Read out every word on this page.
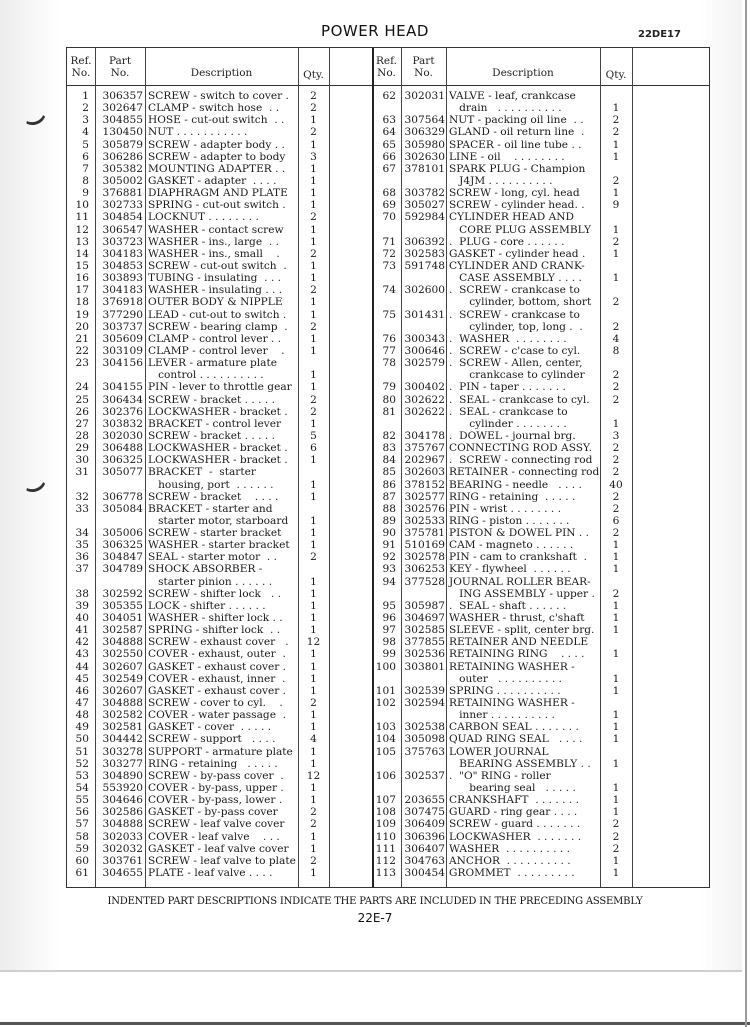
POWER HEAD	22DE17
Ref.
No.
Part
No.	Description	Qty.
Ref.
No.
Part
No.	Description	Qty.
1	306357 SCREW - switch to cover .	2
2	302647 CLAMP - switch hose  . .	2
3	304855 HOSE - cut-out switch  . .	1
4	130450 NUT . . . . . . . . . . .	2
5	305879 SCREW - adapter body . .	1
6	306286 SCREW - adapter to body	3
7	305382 MOUNTING ADAPTER . .	1
8	305002 GASKET - adapter  . . . .	1
9	376881 DIAPHRAGM AND PLATE	1
10	302733 SPRING - cut-out switch .	1
11	304854 LOCKNUT . . . . . . . .	2
12	306547 WASHER - contact screw	1
13	303723 WASHER - ins., large  . .	1
14	304183 WASHER - ins., small    .	2
15	304853 SCREW - cut-out switch  .	1
16	303893 TUBING - insulating  . . .	1
17	304183 WASHER - insulating . . .	2
18	376918 OUTER BODY & NIPPLE	1
19	377290 LEAD - cut-out to switch .	1
20	303737 SCREW - bearing clamp  .	2
21	305609 CLAMP - control lever . .	1
22	303109 CLAMP - control lever    .	1
23	304156 LEVER - armature plate
control . . . . . . . . . .	1
24	304155 PIN - lever to throttle gear	1
25	306434 SCREW - bracket . . . . .	2
26	302376 LOCKWASHER - bracket .	2
27	303832 BRACKET - control lever	1
28	302030 SCREW - bracket . . . . .	5
29	306488 LOCKWASHER - bracket .	6
30	306325 LOCKWASHER - bracket .	1
31	305077 BRACKET  -  starter
housing, port  . . . . . .	1
32	306778 SCREW - bracket    . . . .	1
33	305084 BRACKET - starter and
starter motor, starboard	1
34	305006 SCREW - starter bracket	1
35	306325 WASHER - starter bracket	1
36	304847 SEAL - starter motor  . .	2
37	304789 SHOCK ABSORBER -
starter pinion . . . . . .	1
38	302592 SCREW - shifter lock   . .	1
39	305355 LOCK - shifter . . . . . .	1
40	304051 WASHER - shifter lock . .	1
41	302587 SPRING - shifter lock  . .	1
42	304888 SCREW - exhaust cover   .	12
43	302550 COVER - exhaust, outer  .	1
44	302607 GASKET - exhaust cover .	1
45	302549 COVER - exhaust, inner  .	1
46	302607 GASKET - exhaust cover .	1
47	304888 SCREW - cover to cyl.    .	2
48	302582 COVER - water passage  .	1
49	302581 GASKET - cover  . . . . .	1
50	304442 SCREW - support   . . . .	4
51	303278 SUPPORT - armature plate	1
52	303277 RING - retaining   . . . . .	1
53	304890 SCREW - by-pass cover  .	12
54	553920 COVER - by-pass, upper .	1
55	304646 COVER - by-pass, lower .	1
56	302586 GASKET - by-pass cover	2
57	304888 SCREW - leaf valve cover	2
58	302033 COVER - leaf valve    . . .	1
59	302032 GASKET - leaf valve cover	1
60	303761 SCREW - leaf valve to plate	2
61	304655 PLATE - leaf valve . . . .	1
62 302031 VALVE - leaf, crankcase
drain   . . . . . . . . . .	1
63 307564 NUT - packing oil line  . .	2
64 306329 GLAND - oil return line  .	2
65 305980 SPACER - oil line tube . .	1
66 302630 LINE - oil    . . . . . . . .	1
67 378101 SPARK PLUG - Champion
J4JM . . . . . . . . . .	2
68 303782 SCREW - long, cyl. head	1
69 305027 SCREW - cylinder head. .	9
70 592984 CYLINDER HEAD AND
CORE PLUG ASSEMBLY	1
71 306392 .  PLUG - core . . . . . .	2
72 302583 GASKET - cylinder head .	1
73 591748 CYLINDER AND CRANK-
CASE ASSEMBLY . . . .	1
74 302600 .  SCREW - crankcase to
cylinder, bottom, short	2
75 301431 .  SCREW - crankcase to
cylinder, top, long .  .	2
76 300343 .  WASHER  . . . . . . . .	4
77 300646 .  SCREW - c'case to cyl.	8
78 302579 .  SCREW - Allen, center,
crankcase to cylinder	2
79 300402 .  PIN - taper . . . . . . .	2
80 302622 .  SEAL - crankcase to cyl.	2
81 302622 .  SEAL - crankcase to
cylinder . . . . . . . .	1
82 304178 .  DOWEL - journal brg.	3
83 375767 CONNECTING ROD ASSY.	2
84 202967 .  SCREW - connecting rod	2
85 302603 RETAINER - connecting rod	2
86 378152 BEARING - needle   . . . .	40
87 302577 RING - retaining  . . . . .	2
88 302576 PIN - wrist . . . . . . . .	2
89 302533 RING - piston . . . . . . .	6
90 375781 PISTON & DOWEL PIN . .	2
91 510169 CAM - magneto . . . . . .	1
92 302578 PIN - cam to crankshaft  .	1
93 306253 KEY - flywheel  . . . . . .	1
94 377528 JOURNAL ROLLER BEAR-
ING ASSEMBLY - upper .	2
95 305987 .  SEAL - shaft . . . . . .	1
96 304697 WASHER - thrust, c'shaft	1
97 302585 SLEEVE - split, center brg.	1
98 377855 RETAINER AND NEEDLE
99 302536 RETAINING RING    . . . .	1
100 303801 RETAINING WASHER -
outer   . . . . . . . . . .	1
101 302539 SPRING . . . . . . . . . .	1
102 302594 RETAINING WASHER -
inner . . . . . . . . . .	1
103 302538 CARBON SEAL . . . . . . .	1
104 305098 QUAD RING SEAL   . . . .	1
105 375763 LOWER JOURNAL
BEARING ASSEMBLY . .	1
106 302537 .  "O" RING - roller
bearing seal   . . . . .	1
107 203655 CRANKSHAFT  . . . . . . .	1
108 307475 GUARD - ring gear . . . .	1
109 306409 SCREW - guard . . . . . . .	2
110 306396 LOCKWASHER  . . . . . . .	2
111 306407 WASHER  . . . . . . . . . .	2
112 304763 ANCHOR  . . . . . . . . . .	1
113 300454 GROMMET  . . . . . . . . .	1
INDENTED PART DESCRIPTIONS INDICATE THE PARTS ARE INCLUDED IN THE PRECEDING ASSEMBLY
22E-7
